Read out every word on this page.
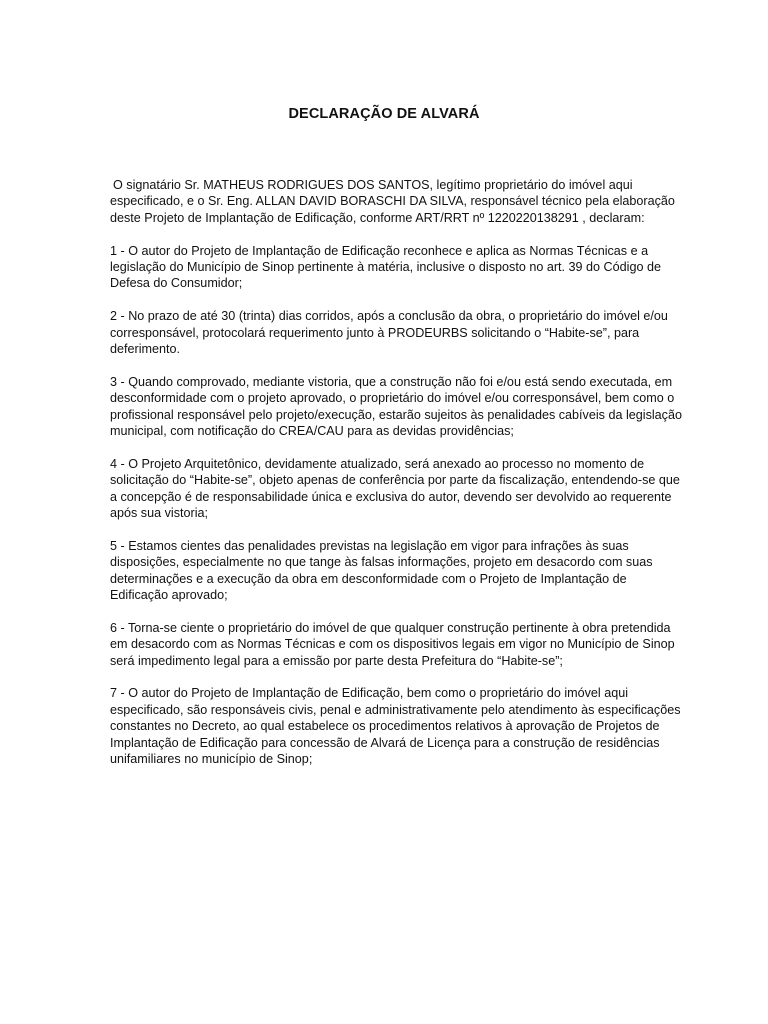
DECLARAÇÃO DE ALVARÁ

O signatário Sr. MATHEUS RODRIGUES DOS SANTOS, legítimo proprietário do imóvel aqui especificado, e o Sr. Eng. ALLAN DAVID BORASCHI DA SILVA, responsável técnico pela elaboração deste Projeto de Implantação de Edificação, conforme ART/RRT nº 1220220138291 , declaram:

1 - O autor do Projeto de Implantação de Edificação reconhece e aplica as Normas Técnicas e a legislação do Município de Sinop pertinente à matéria, inclusive o disposto no art. 39 do Código de Defesa do Consumidor;

2 - No prazo de até 30 (trinta) dias corridos, após a conclusão da obra, o proprietário do imóvel e/ou corresponsável, protocolará requerimento junto à PRODEURBS solicitando o “Habite-se”, para deferimento.

3 - Quando comprovado, mediante vistoria, que a construção não foi e/ou está sendo executada, em desconformidade com o projeto aprovado, o proprietário do imóvel e/ou corresponsável, bem como o profissional responsável pelo projeto/execução, estarão sujeitos às penalidades cabíveis da legislação municipal, com notificação do CREA/CAU para as devidas providências;

4 - O Projeto Arquitetônico, devidamente atualizado, será anexado ao processo no momento de solicitação do “Habite-se”, objeto apenas de conferência por parte da fiscalização, entendendo-se que a concepção é de responsabilidade única e exclusiva do autor, devendo ser devolvido ao requerente após sua vistoria;

5 - Estamos cientes das penalidades previstas na legislação em vigor para infrações às suas disposições, especialmente no que tange às falsas informações, projeto em desacordo com suas determinações e a execução da obra em desconformidade com o Projeto de Implantação de Edificação aprovado;

6 - Torna-se ciente o proprietário do imóvel de que qualquer construção pertinente à obra pretendida em desacordo com as Normas Técnicas e com os dispositivos legais em vigor no Município de Sinop será impedimento legal para a emissão por parte desta Prefeitura do “Habite-se”;

7 - O autor do Projeto de Implantação de Edificação, bem como o proprietário do imóvel aqui especificado, são responsáveis civis, penal e administrativamente pelo atendimento às especificações constantes no Decreto, ao qual estabelece os procedimentos relativos à aprovação de Projetos de Implantação de Edificação para concessão de Alvará de Licença para a construção de residências unifamiliares no município de Sinop;
